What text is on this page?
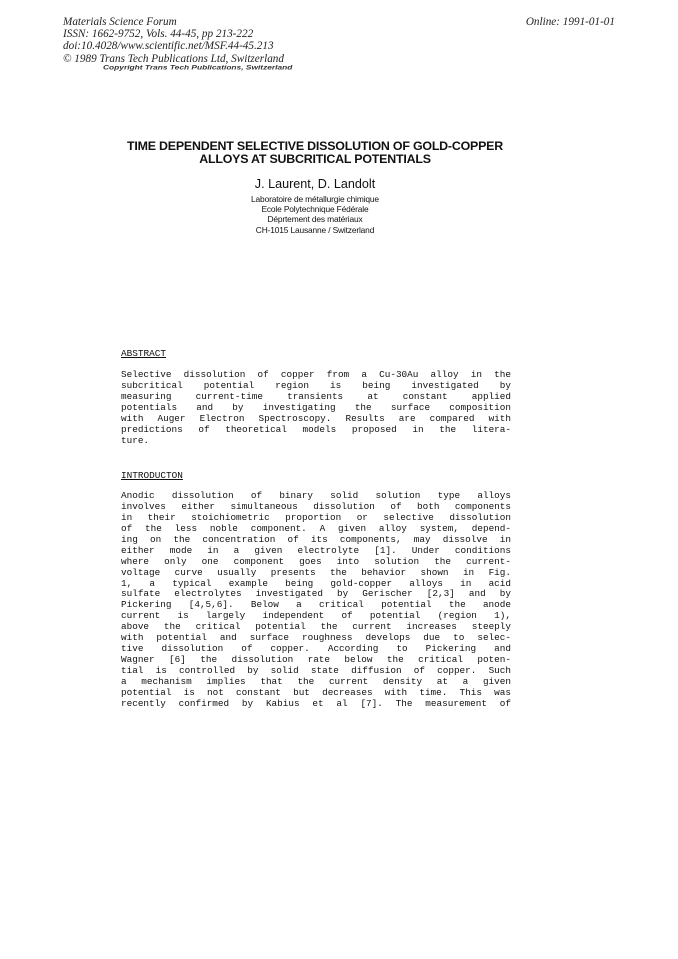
Materials Science Forum
ISSN: 1662-9752, Vols. 44-45, pp 213-222
doi:10.4028/www.scientific.net/MSF.44-45.213
© 1989 Trans Tech Publications Ltd, Switzerland
Online: 1991-01-01
Copyright Trans Tech Publications, Switzerland
TIME DEPENDENT SELECTIVE DISSOLUTION OF GOLD-COPPER
ALLOYS AT SUBCRITICAL POTENTIALS
J. Laurent, D. Landolt
Laboratoire de métallurgie chimique
Ecole Polytechnique Fédérale
Déprtement des matériaux
CH-1015 Lausanne / Switzerland
ABSTRACT
Selective dissolution of copper from a Cu-30Au alloy in the
subcritical potential region is being investigated by
measuring current-time transients at constant applied
potentials and by investigating the surface composition
with Auger Electron Spectroscopy. Results are compared with
predictions of theoretical models proposed in the litera-
ture.
INTRODUCTON
Anodic dissolution of binary solid solution type alloys
involves either simultaneous dissolution of both components
in their stoichiometric proportion or selective dissolution
of the less noble component. A given alloy system, depend-
ing on the concentration of its components, may dissolve in
either mode in a given electrolyte [1]. Under conditions
where only one component goes into solution the current-
voltage curve usually presents the behavior shown in Fig.
1, a typical example being gold-copper alloys in acid
sulfate electrolytes investigated by Gerischer [2,3] and by
Pickering [4,5,6]. Below a critical potential the anode
current is largely independent of potential (region 1),
above the critical potential the current increases steeply
with potential and surface roughness develops due to selec-
tive dissolution of copper. According to Pickering and
Wagner [6] the dissolution rate below the critical poten-
tial is controlled by solid state diffusion of copper. Such
a mechanism implies that the current density at a given
potential is not constant but decreases with time. This was
recently confirmed by Kabius et al [7]. The measurement of
